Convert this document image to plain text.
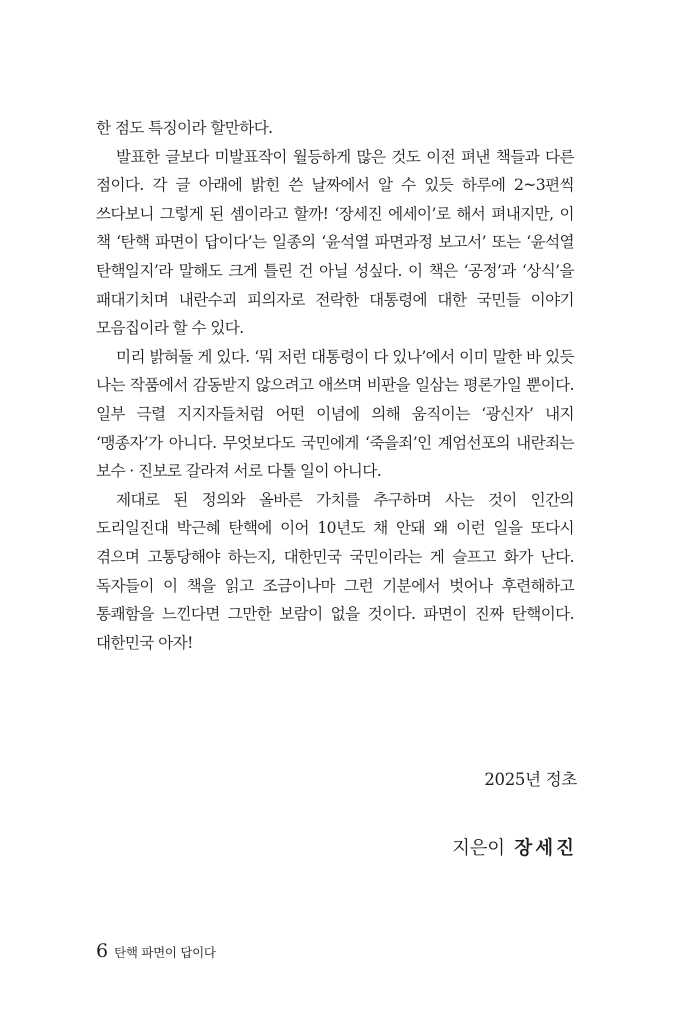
한 점도 특징이라 할만하다.

발표한 글보다 미발표작이 월등하게 많은 것도 이전 펴낸 책들과 다른 점이다. 각 글 아래에 밝힌 쓴 날짜에서 알 수 있듯 하루에 2~3편씩 쓰다보니 그렇게 된 셈이라고 할까! ‘장세진 에세이’로 해서 펴내지만, 이 책 ‘탄핵 파면이 답이다’는 일종의 ‘윤석열 파면과정 보고서’ 또는 ‘윤석열 탄핵일지’라 말해도 크게 틀린 건 아닐 성싶다. 이 책은 ‘공정’과 ‘상식’을 패대기치며 내란수괴 피의자로 전락한 대통령에 대한 국민들 이야기 모음집이라 할 수 있다.

미리 밝혀둘 게 있다. ‘뭐 저런 대통령이 다 있나’에서 이미 말한 바 있듯 나는 작품에서 감동받지 않으려고 애쓰며 비판을 일삼는 평론가일 뿐이다. 일부 극렬 지지자들처럼 어떤 이념에 의해 움직이는 ‘광신자’ 내지 ‘맹종자’가 아니다. 무엇보다도 국민에게 ‘죽을죄’인 계엄선포의 내란죄는 보수 · 진보로 갈라져 서로 다툴 일이 아니다.

제대로 된 정의와 올바른 가치를 추구하며 사는 것이 인간의 도리일진대 박근혜 탄핵에 이어 10년도 채 안돼 왜 이런 일을 또다시 겪으며 고통당해야 하는지, 대한민국 국민이라는 게 슬프고 화가 난다. 독자들이 이 책을 읽고 조금이나마 그런 기분에서 벗어나 후련해하고 통쾌함을 느낀다면 그만한 보람이 없을 것이다. 파면이 진짜 탄핵이다. 대한민국 아자!

2025년 정초
지은이 장세진
6 탄핵 파면이 답이다
